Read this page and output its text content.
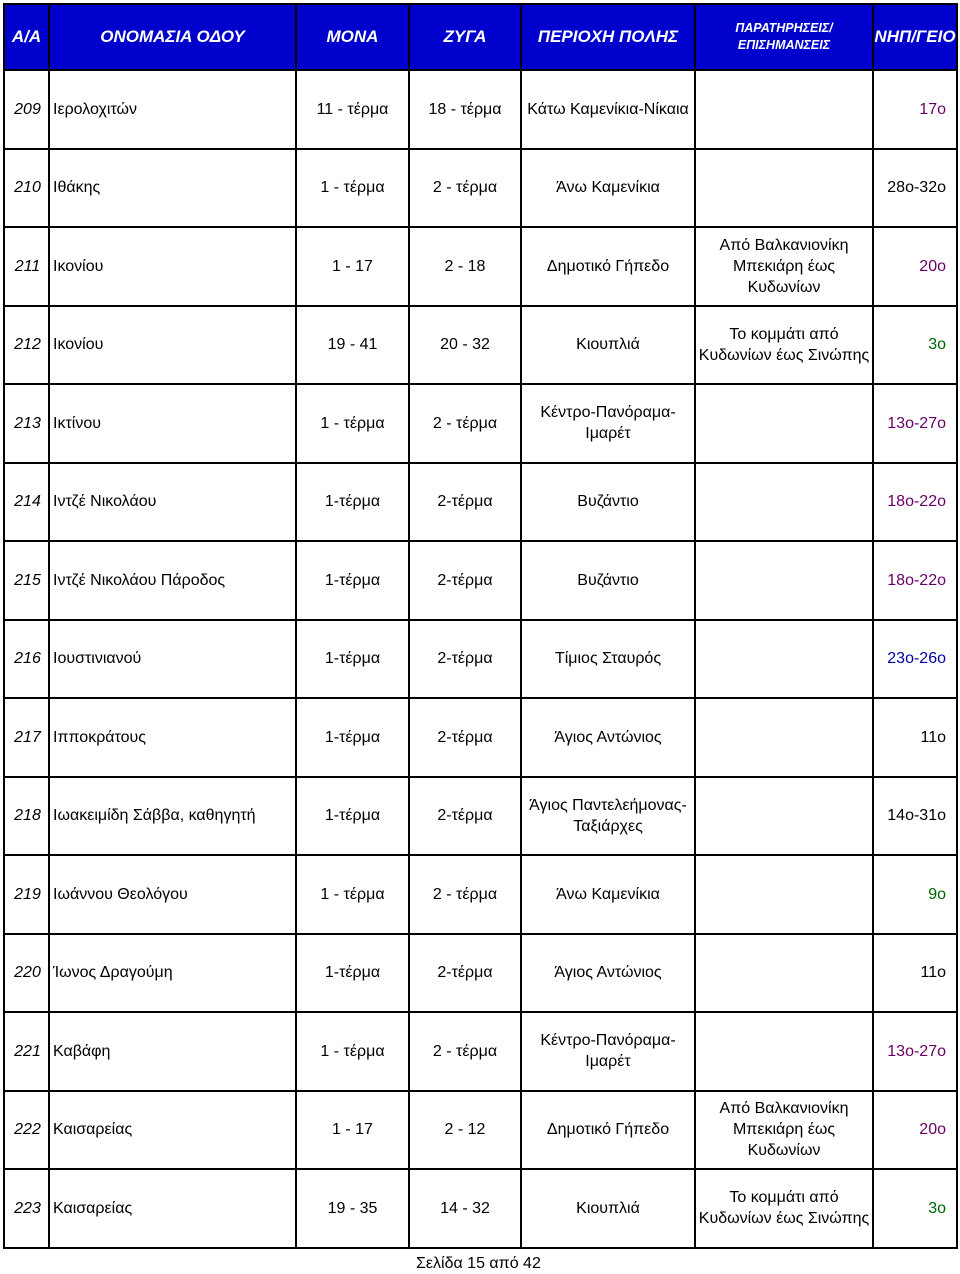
Α/Α	ΟΝΟΜΑΣΙΑ ΟΔΟΥ	ΜΟΝΑ	ΖΥΓΑ	ΠΕΡΙΟΧΗ ΠΟΛΗΣ	ΠΑΡΑΤΗΡΗΣΕΙΣ/ ΕΠΙΣΗΜΑΝΣΕΙΣ	ΝΗΠ/ΓΕΙΟ
209	Ιερολοχιτών	11 - τέρμα	18 - τέρμα	Κάτω Καμενίκια-Νίκαια		17ο
210	Ιθάκης	1 - τέρμα	2 - τέρμα	Άνω Καμενίκια		28ο-32ο
211	Ικονίου	1 - 17	2 - 18	Δημοτικό Γήπεδο	Από Βαλκανιονίκη Μπεκιάρη έως Κυδωνίων	20ο
212	Ικονίου	19 - 41	20 - 32	Κιουπλιά	Το κομμάτι από Κυδωνίων έως Σινώπης	3ο
213	Ικτίνου	1 - τέρμα	2 - τέρμα	Κέντρο-Πανόραμα-Ιμαρέτ		13ο-27ο
214	Ιντζέ Νικολάου	1-τέρμα	2-τέρμα	Βυζάντιο		18ο-22ο
215	Ιντζέ Νικολάου Πάροδος	1-τέρμα	2-τέρμα	Βυζάντιο		18ο-22ο
216	Ιουστινιανού	1-τέρμα	2-τέρμα	Τίμιος Σταυρός		23ο-26ο
217	Ιπποκράτους	1-τέρμα	2-τέρμα	Άγιος Αντώνιος		11ο
218	Ιωακειμίδη Σάββα, καθηγητή	1-τέρμα	2-τέρμα	Άγιος Παντελεήμονας-Ταξιάρχες		14ο-31ο
219	Ιωάννου Θεολόγου	1 - τέρμα	2 - τέρμα	Άνω Καμενίκια		9ο
220	Ίωνος Δραγούμη	1-τέρμα	2-τέρμα	Άγιος Αντώνιος		11ο
221	Καβάφη	1 - τέρμα	2 - τέρμα	Κέντρο-Πανόραμα-Ιμαρέτ		13ο-27ο
222	Καισαρείας	1 - 17	2 - 12	Δημοτικό Γήπεδο	Από Βαλκανιονίκη Μπεκιάρη έως Κυδωνίων	20ο
223	Καισαρείας	19 - 35	14 - 32	Κιουπλιά	Το κομμάτι από Κυδωνίων έως Σινώπης	3ο
Σελίδα 15 από 42
